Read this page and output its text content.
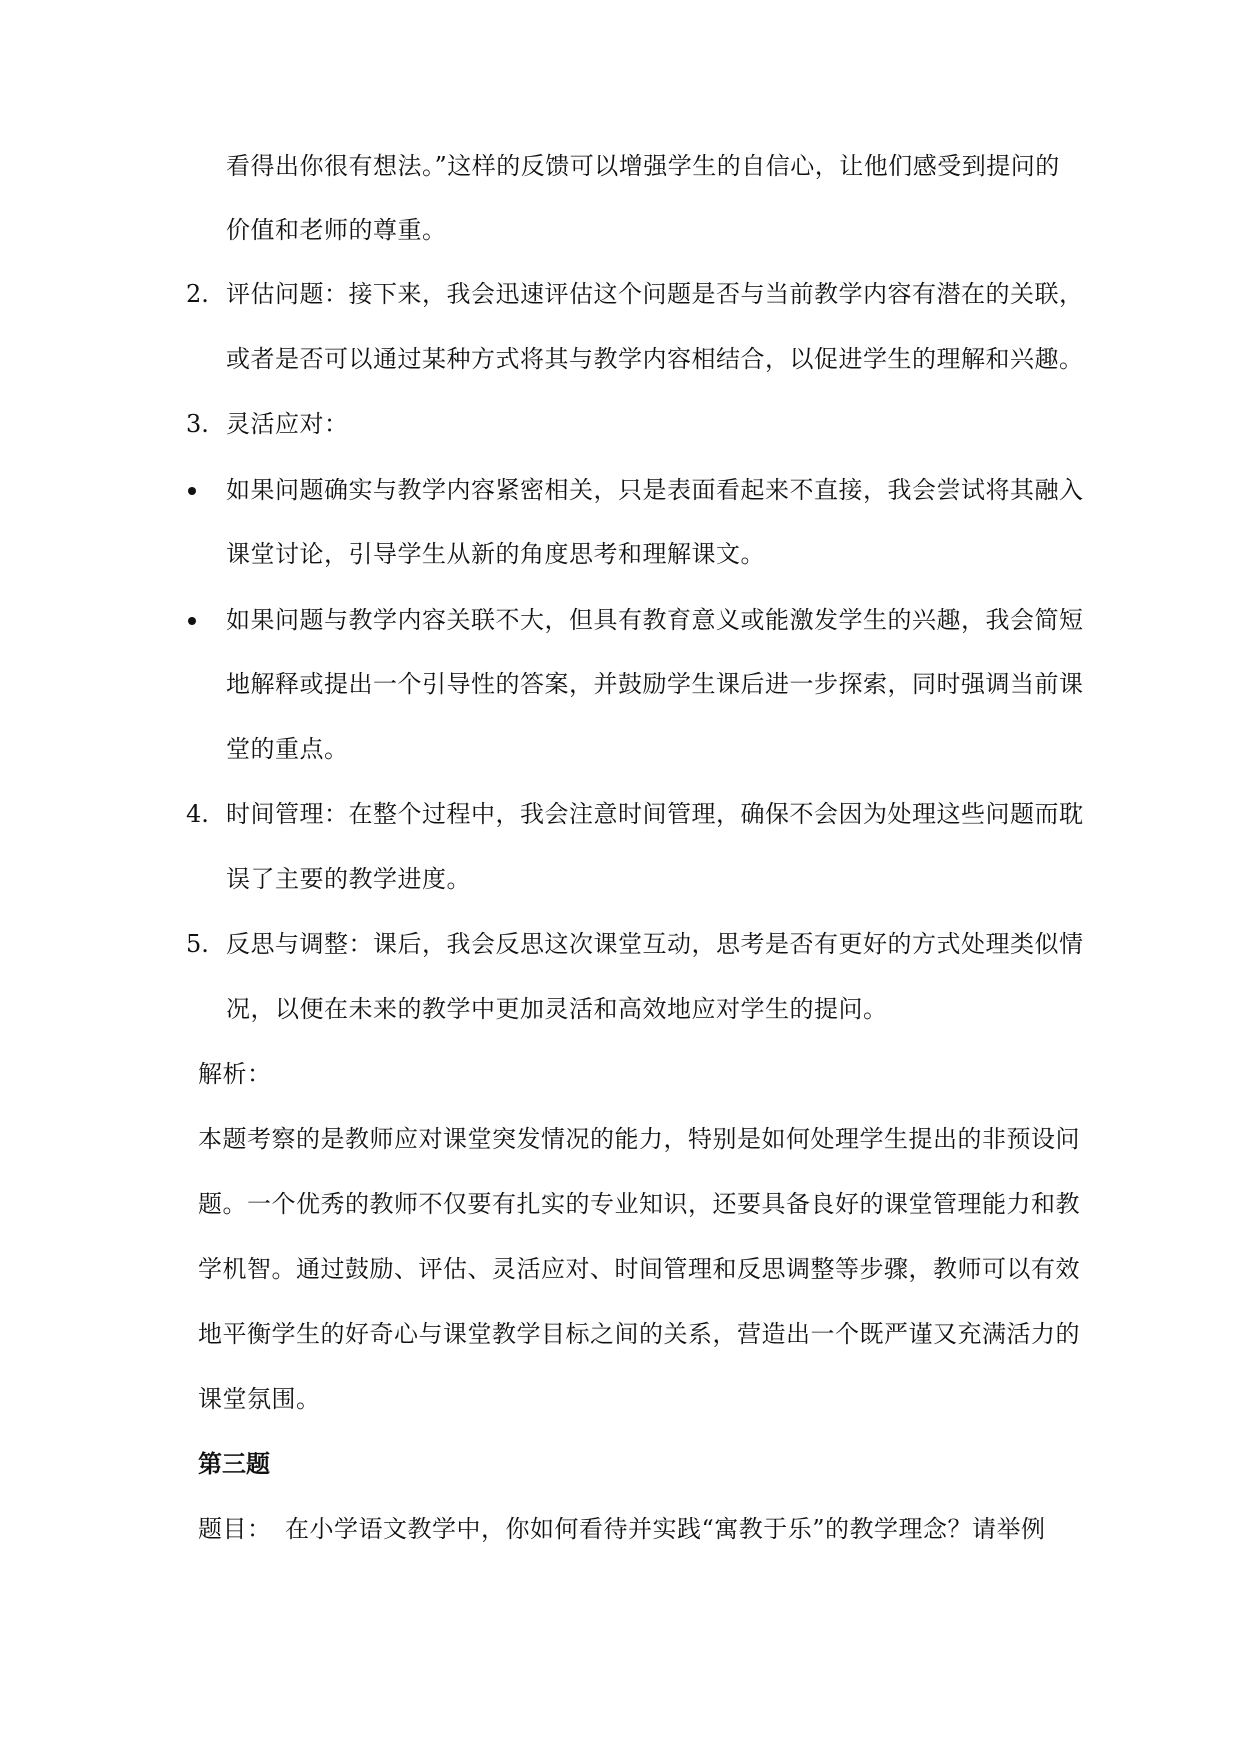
看得出你很有想法。”这样的反馈可以增强学生的自信心，让他们感受到提问的
价值和老师的尊重。
2. 评估问题：接下来，我会迅速评估这个问题是否与当前教学内容有潜在的关联，
或者是否可以通过某种方式将其与教学内容相结合，以促进学生的理解和兴趣。
3. 灵活应对：
如果问题确实与教学内容紧密相关，只是表面看起来不直接，我会尝试将其融入
课堂讨论，引导学生从新的角度思考和理解课文。
如果问题与教学内容关联不大，但具有教育意义或能激发学生的兴趣，我会简短
地解释或提出一个引导性的答案，并鼓励学生课后进一步探索，同时强调当前课
堂的重点。
4. 时间管理：在整个过程中，我会注意时间管理，确保不会因为处理这些问题而耽
误了主要的教学进度。
5. 反思与调整：课后，我会反思这次课堂互动，思考是否有更好的方式处理类似情
况，以便在未来的教学中更加灵活和高效地应对学生的提问。
解析：
本题考察的是教师应对课堂突发情况的能力，特别是如何处理学生提出的非预设问
题。一个优秀的教师不仅要有扎实的专业知识，还要具备良好的课堂管理能力和教
学机智。通过鼓励、评估、灵活应对、时间管理和反思调整等步骤，教师可以有效
地平衡学生的好奇心与课堂教学目标之间的关系，营造出一个既严谨又充满活力的
课堂氛围。
第三题
题目： 在小学语文教学中，你如何看待并实践“寓教于乐”的教学理念？请举例
